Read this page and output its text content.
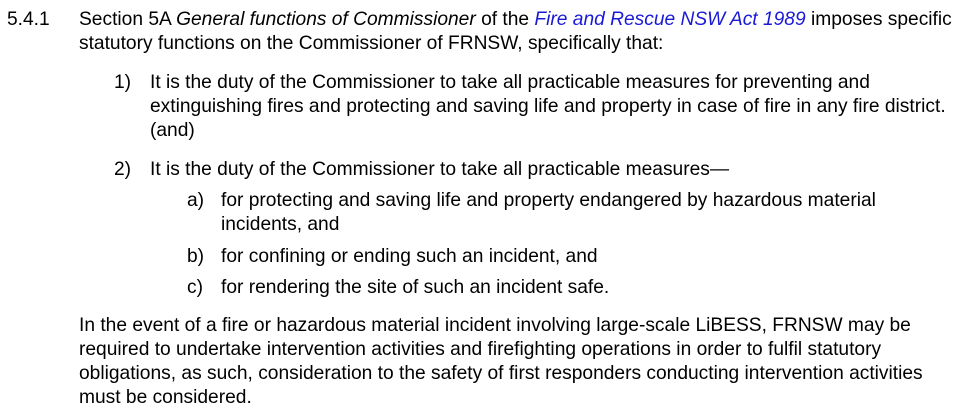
5.4.1 Section 5A General functions of Commissioner of the Fire and Rescue NSW Act 1989 imposes specific statutory functions on the Commissioner of FRNSW, specifically that:
1) It is the duty of the Commissioner to take all practicable measures for preventing and extinguishing fires and protecting and saving life and property in case of fire in any fire district. (and)
2) It is the duty of the Commissioner to take all practicable measures—
a) for protecting and saving life and property endangered by hazardous material incidents, and
b) for confining or ending such an incident, and
c) for rendering the site of such an incident safe.
In the event of a fire or hazardous material incident involving large-scale LiBESS, FRNSW may be required to undertake intervention activities and firefighting operations in order to fulfil statutory obligations, as such, consideration to the safety of first responders conducting intervention activities must be considered.
